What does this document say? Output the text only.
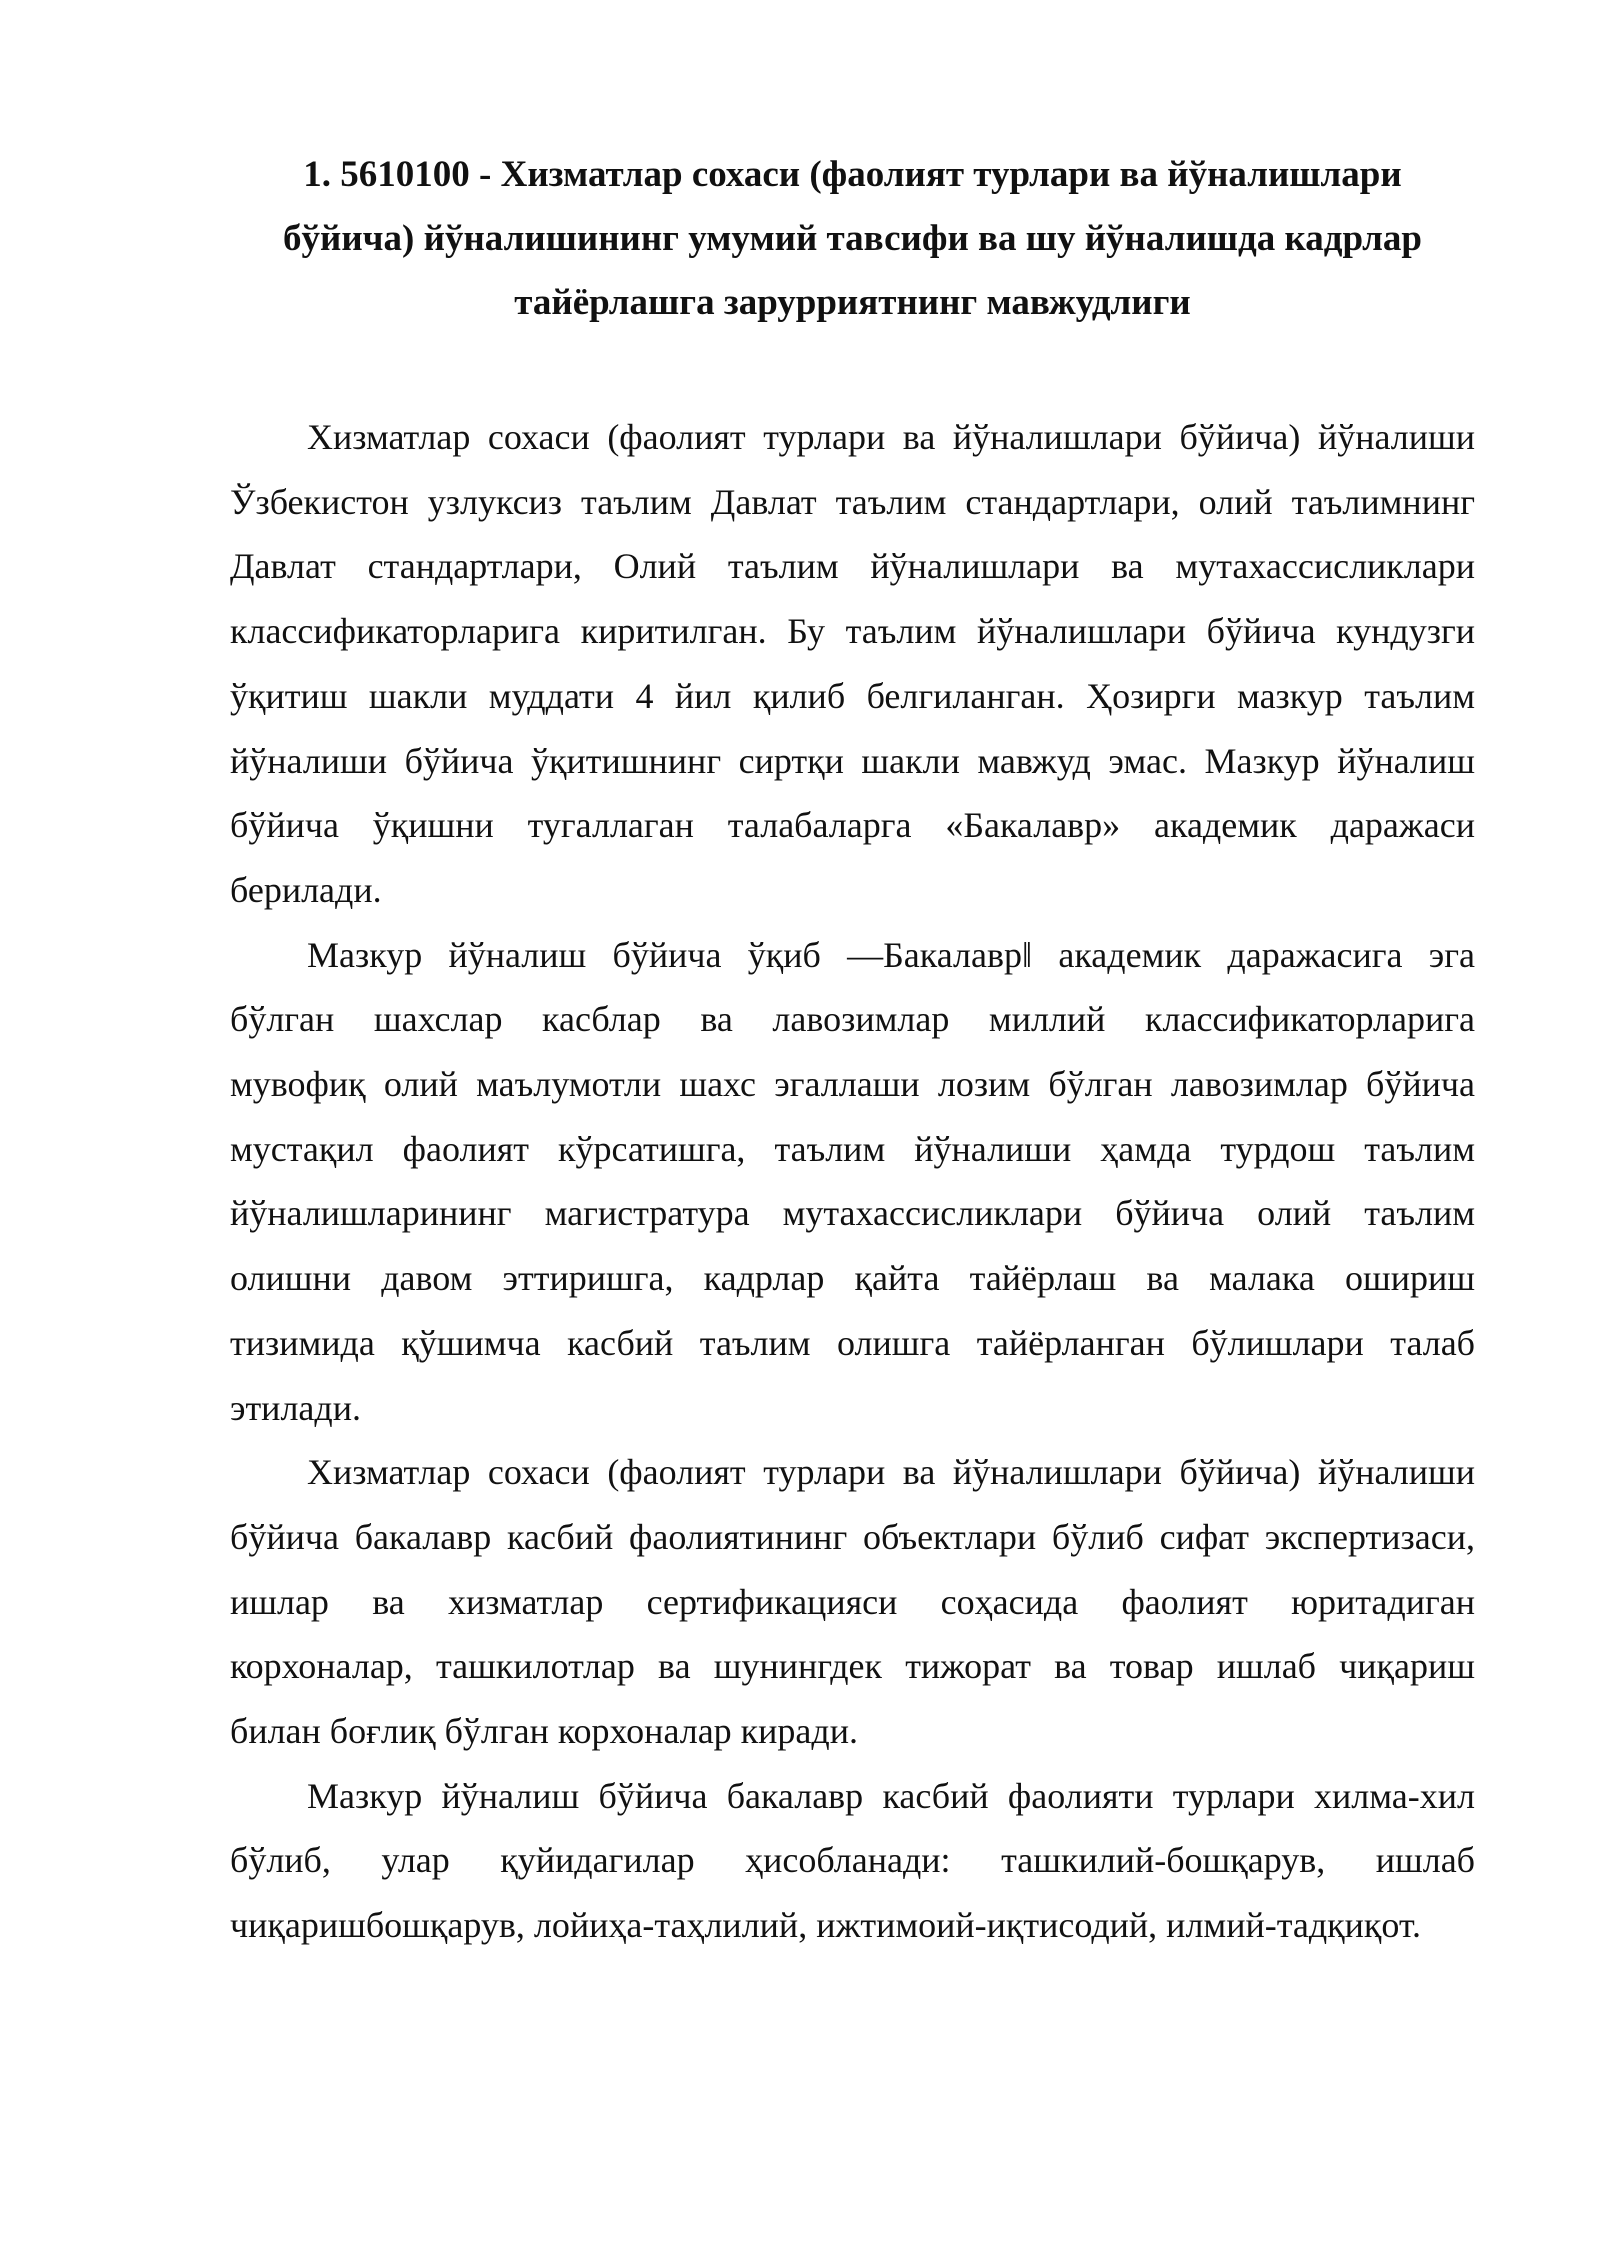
1. 5610100 - Хизматлар сохаси (фаолият турлари ва йўналишлари
бўйича) йўналишининг умумий тавсифи ва шу йўналишда кадрлар
тайёрлашга зарурриятнинг мавжудлиги

Хизматлар сохаси (фаолият турлари ва йўналишлари бўйича) йўналиши
Ўзбекистон узлуксиз таълим Давлат таълим стандартлари, олий таълимнинг
Давлат стандартлари, Олий таълим йўналишлари ва мутахассисликлари
классификаторларига киритилган. Бу таълим йўналишлари бўйича кундузги
ўқитиш шакли муддати 4 йил қилиб белгиланган. Ҳозирги мазкур таълим
йўналиши бўйича ўқитишнинг сиртқи шакли мавжуд эмас. Мазкур йўналиш
бўйича ўқишни тугаллаган талабаларга «Бакалавр» академик даражаси
берилади.

Мазкур йўналиш бўйича ўқиб ―Бакалавр‖ академик даражасига эга
бўлган шахслар касблар ва лавозимлар миллий классификаторларига
мувофиқ олий маълумотли шахс эгаллаши лозим бўлган лавозимлар бўйича
мустақил фаолият кўрсатишга, таълим йўналиши ҳамда турдош таълим
йўналишларининг магистратура мутахассисликлари бўйича олий таълим
олишни давом эттиришга, кадрлар қайта тайёрлаш ва малака ошириш
тизимида қўшимча касбий таълим олишга тайёрланган бўлишлари талаб
этилади.

Хизматлар сохаси (фаолият турлари ва йўналишлари бўйича) йўналиши
бўйича бакалавр касбий фаолиятининг объектлари бўлиб сифат экспертизаси,
ишлар ва хизматлар сертификацияси соҳасида фаолият юритадиган
корхоналар, ташкилотлар ва шунингдек тижорат ва товар ишлаб чиқариш
билан боғлиқ бўлган корхоналар киради.

Мазкур йўналиш бўйича бакалавр касбий фаолияти турлари хилма-хил
бўлиб, улар қуйидагилар ҳисобланади: ташкилий-бошқарув, ишлаб
чиқаришбошқарув, лойиҳа-таҳлилий, ижтимоий-иқтисодий, илмий-тадқиқот.
